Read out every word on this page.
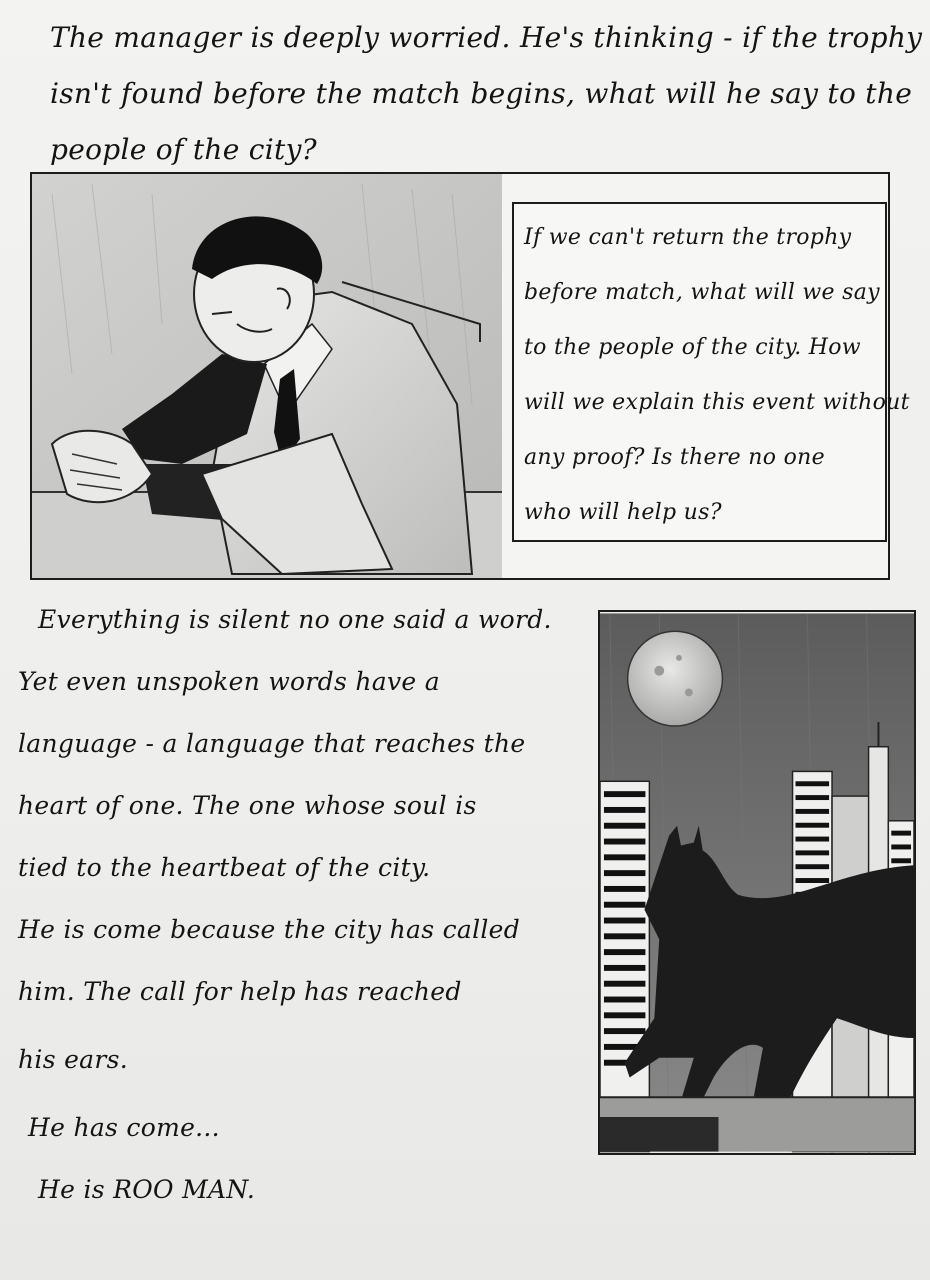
The manager is deeply worried. He's thinking - if the trophy
isn't found before the match begins, what will he say to the
people of the city?
If we can't return the trophy
before match, what will we say
to the people of the city. How
will we explain this event without
any proof? Is there no one
who will help us?
Everything is silent no one said a word.
Yet even unspoken words have a
language - a language that reaches the
heart of one. The one whose soul is
tied to the heartbeat of the city.
He is come because the city has called
him. The call for help has reached
his ears.
He has come...
He is ROO MAN.
